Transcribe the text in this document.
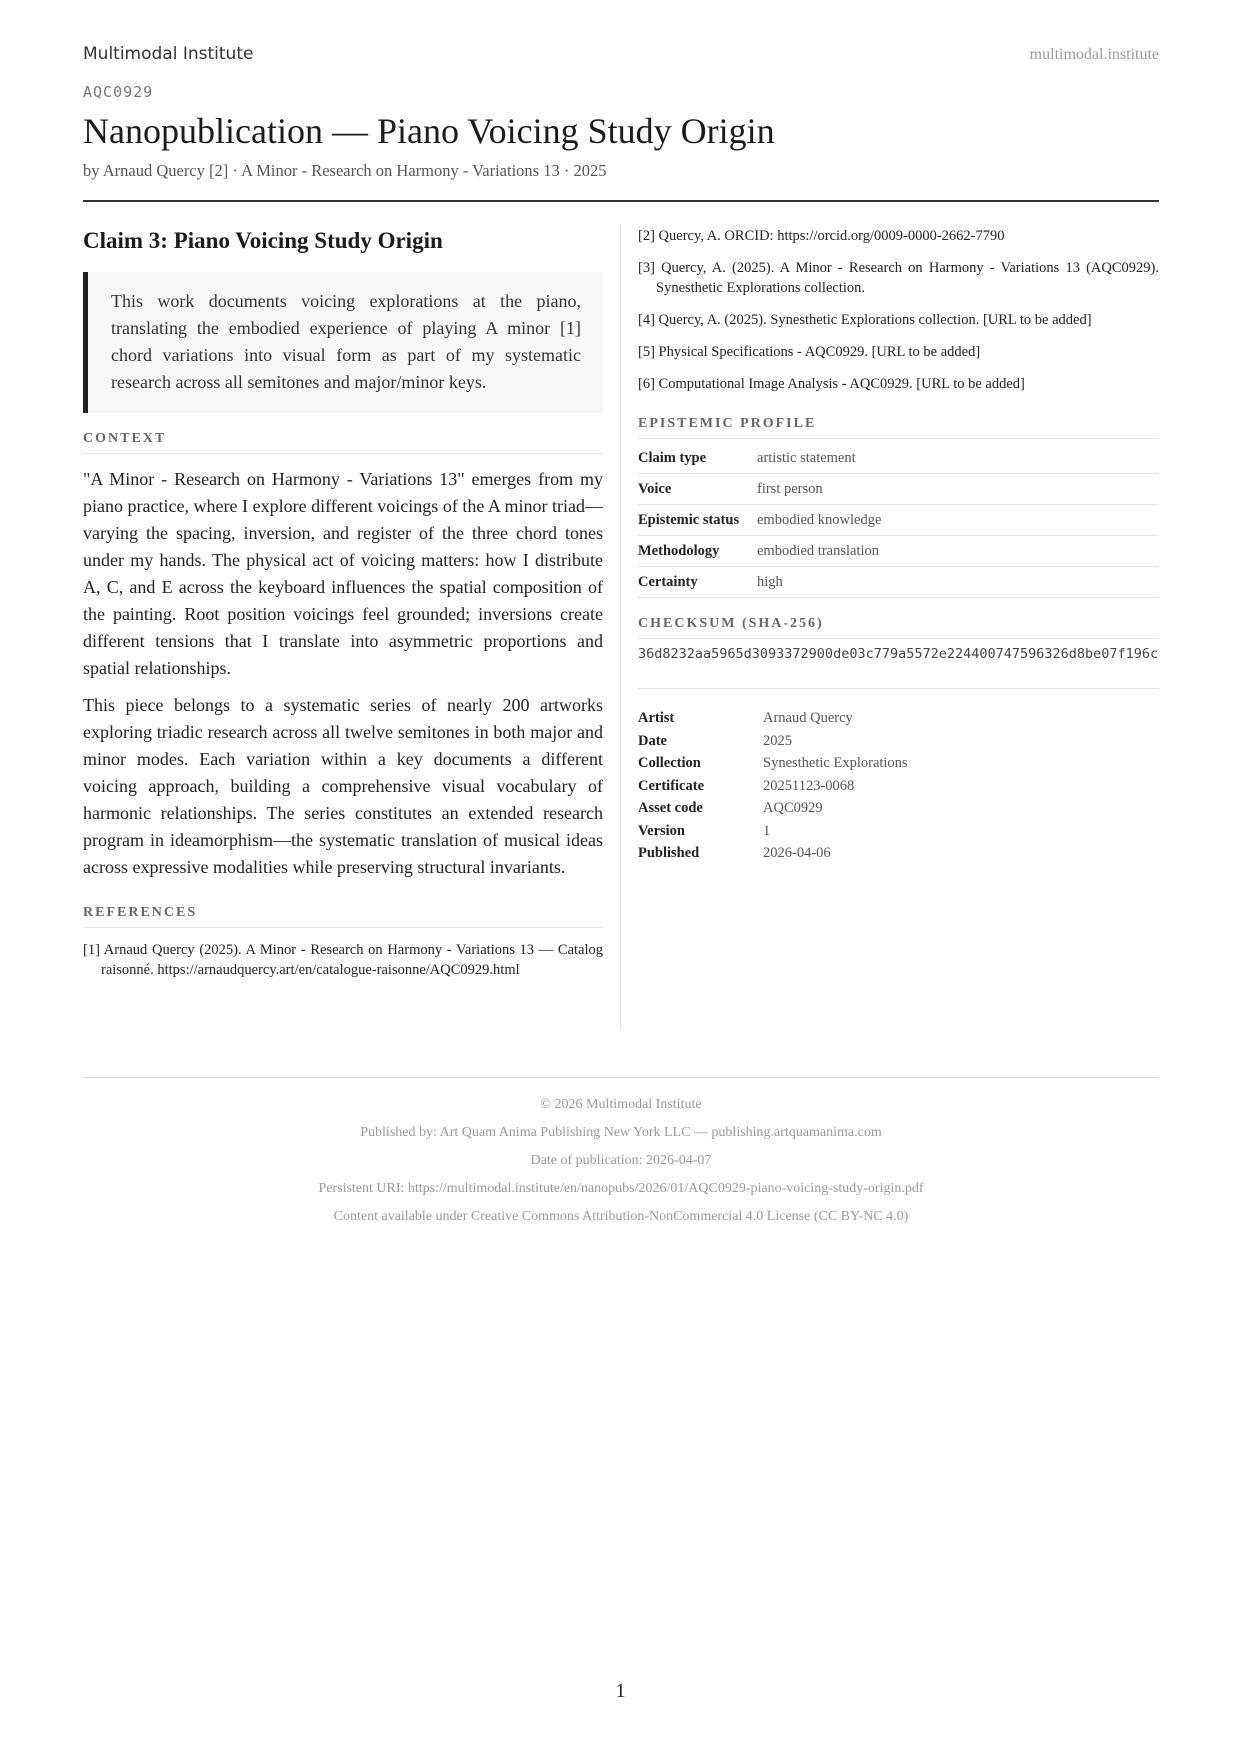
Multimodal Institute	multimodal.institute
AQC0929
Nanopublication — Piano Voicing Study Origin
by Arnaud Quercy [2] · A Minor - Research on Harmony - Variations 13 · 2025
Claim 3: Piano Voicing Study Origin
This work documents voicing explorations at the piano, translating the embodied experience of playing A minor [1] chord variations into visual form as part of my systematic research across all semitones and major/minor keys.
CONTEXT

"A Minor - Research on Harmony - Variations 13" emerges from my piano practice, where I explore different voicings of the A minor triad—varying the spacing, inversion, and register of the three chord tones under my hands. The physical act of voicing matters: how I distribute A, C, and E across the keyboard influences the spatial composition of the painting. Root position voicings feel grounded; inversions create different tensions that I translate into asymmetric proportions and spatial relationships.

This piece belongs to a systematic series of nearly 200 artworks exploring triadic research across all twelve semitones in both major and minor modes. Each variation within a key documents a different voicing approach, building a comprehensive visual vocabulary of harmonic relationships. The series constitutes an extended research program in ideamorphism—the systematic translation of musical ideas across expressive modalities while preserving structural invariants.

REFERENCES
[1] Arnaud Quercy (2025). A Minor - Research on Harmony - Variations 13 — Catalog raisonné. https://arnaudquercy.art/en/catalogue-raisonne/AQC0929.html
[2] Quercy, A. ORCID: https://orcid.org/0009-0000-2662-7790
[3] Quercy, A. (2025). A Minor - Research on Harmony - Variations 13 (AQC0929). Synesthetic Explorations collection.
[4] Quercy, A. (2025). Synesthetic Explorations collection. [URL to be added]
[5] Physical Specifications - AQC0929. [URL to be added]
[6] Computational Image Analysis - AQC0929. [URL to be added]
EPISTEMIC PROFILE
Claim type	artistic statement
Voice	first person
Epistemic status	embodied knowledge
Methodology	embodied translation
Certainty	high
CHECKSUM (SHA-256)
36d8232aa5965d3093372900de03c779a5572e224400747596326d8be07f196c
Artist	Arnaud Quercy
Date	2025
Collection	Synesthetic Explorations
Certificate	20251123-0068
Asset code	AQC0929
Version	1
Published	2026-04-06
© 2026 Multimodal Institute
Published by: Art Quam Anima Publishing New York LLC — publishing.artquamanima.com
Date of publication: 2026-04-07
Persistent URI: https://multimodal.institute/en/nanopubs/2026/01/AQC0929-piano-voicing-study-origin.pdf
Content available under Creative Commons Attribution-NonCommercial 4.0 License (CC BY-NC 4.0)
1
